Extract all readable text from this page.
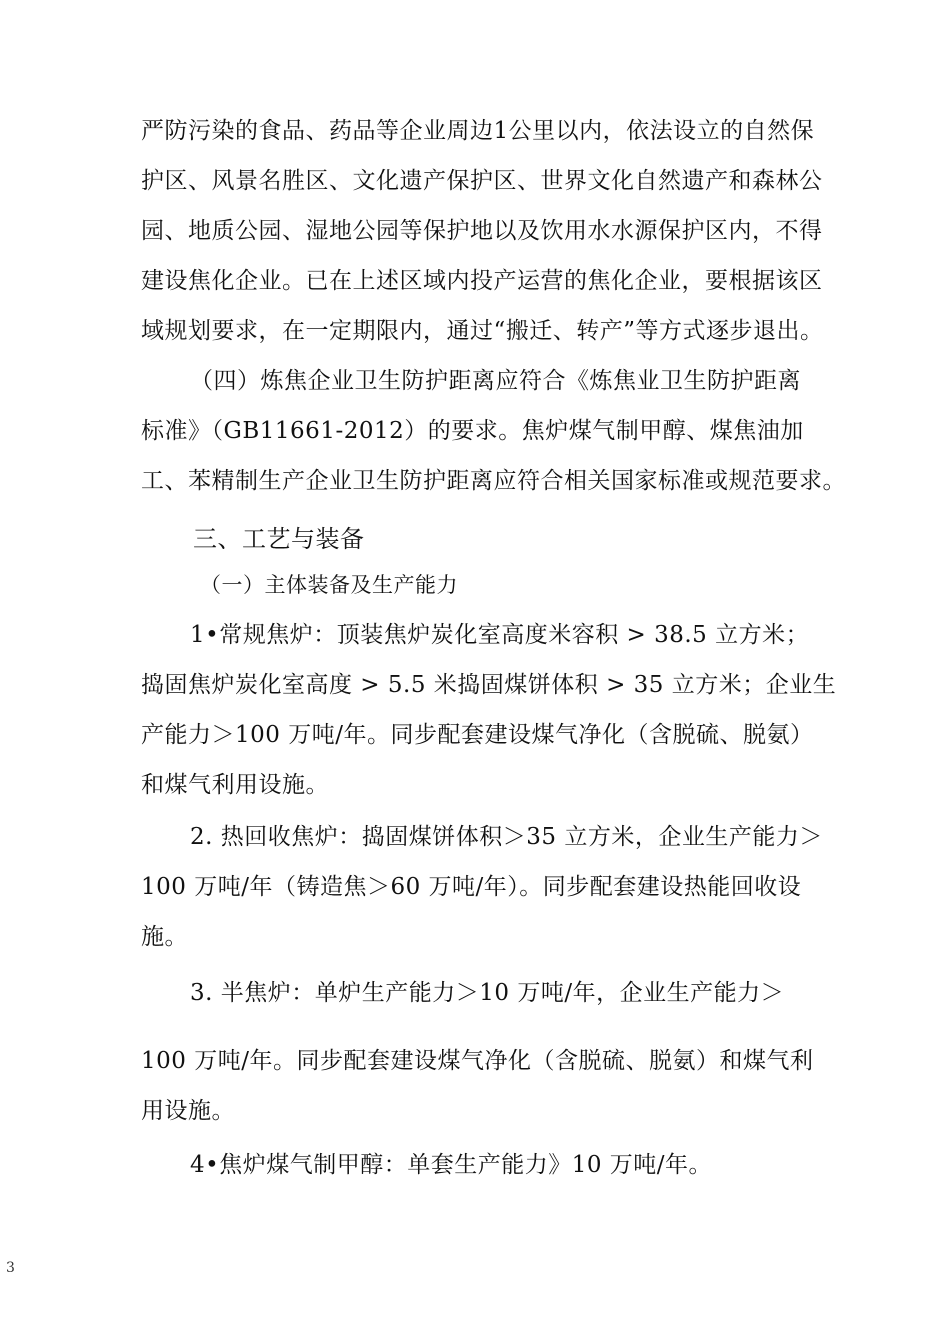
严防污染的食品、药品等企业周边1公里以内，依法设立的自然保
护区、风景名胜区、文化遗产保护区、世界文化自然遗产和森林公
园、地质公园、湿地公园等保护地以及饮用水水源保护区内，不得
建设焦化企业。已在上述区域内投产运营的焦化企业，要根据该区
域规划要求，在一定期限内，通过“搬迁、转产”等方式逐步退出。
（四）炼焦企业卫生防护距离应符合《炼焦业卫生防护距离
标准》（GB11661-2012）的要求。焦炉煤气制甲醇、煤焦油加
工、苯精制生产企业卫生防护距离应符合相关国家标准或规范要求。
三、工艺与装备
（一）主体装备及生产能力
1•常规焦炉：顶装焦炉炭化室高度米容积 > 38.5 立方米；
捣固焦炉炭化室高度 > 5.5 米捣固煤饼体积 > 35 立方米；企业生
产能力＞100 万吨/年。同步配套建设煤气净化（含脱硫、脱氨）
和煤气利用设施。
2. 热回收焦炉：捣固煤饼体积＞35 立方米，企业生产能力＞
100 万吨/年（铸造焦＞60 万吨/年）。同步配套建设热能回收设
施。
3. 半焦炉：单炉生产能力＞10 万吨/年，企业生产能力＞
100 万吨/年。同步配套建设煤气净化（含脱硫、脱氨）和煤气利
用设施。
4•焦炉煤气制甲醇：单套生产能力》10 万吨/年。
3
